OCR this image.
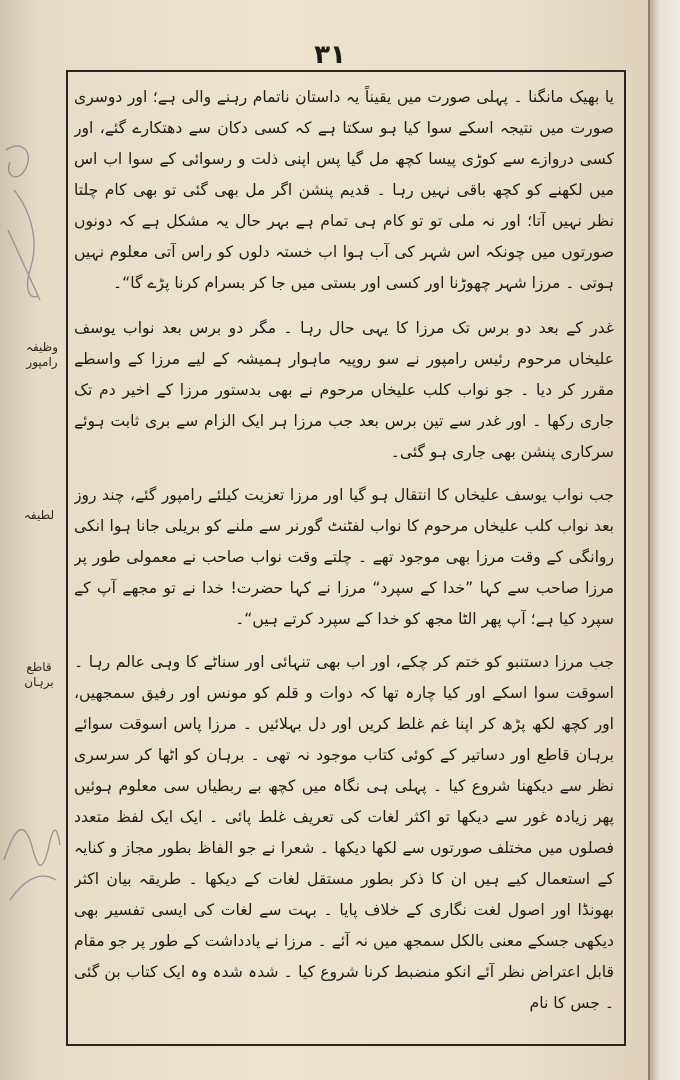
۳۱

یا بھیک مانگنا ۔ پہلی صورت میں یقیناً یہ داستان ناتمام رہنے والی ہے؛ اور دوسری صورت میں نتیجہ اسکے سوا کیا ہو سکتا ہے کہ کسی دکان سے دھتکارے گئے، اور کسی دروازے سے کوڑی پیسا کچھ مل گیا پس اپنی ذلت و رسوائی کے سوا اب اس میں لکھنے کو کچھ باقی نہیں رہا ۔ قدیم پنشن اگر مل بھی گئی تو بھی کام چلتا نظر نہیں آتا؛ اور نہ ملی تو تو کام ہی تمام ہے بہر حال یہ مشکل ہے کہ دونوں صورتوں میں چونکہ اس شہر کی آب ہوا اب خستہ دلوں کو راس آتی معلوم نہیں ہوتی ۔ مرزا شہر چھوڑنا اور کسی اور بستی میں جا کر بسرام کرنا پڑے گا“۔

غدر کے بعد دو برس تک مرزا کا یہی حال رہا ۔ مگر دو برس بعد نواب یوسف علیخاں مرحوم رئیس رامپور نے سو روپیہ ماہوار ہمیشہ کے لیے مرزا کے واسطے مقرر کر دیا ۔ جو نواب کلب علیخاں مرحوم نے بھی بدستور مرزا کے اخیر دم تک جاری رکھا ۔ اور غدر سے تین برس بعد جب مرزا ہر ایک الزام سے بری ثابت ہوئے سرکاری پنشن بھی جاری ہو گئی۔

جب نواب یوسف علیخاں کا انتقال ہو گیا اور مرزا تعزیت کیلئے رامپور گئے، چند روز بعد نواب کلب علیخاں مرحوم کا نواب لفٹنٹ گورنر سے ملنے کو بریلی جانا ہوا انکی روانگی کے وقت مرزا بھی موجود تھے ۔ چلتے وقت نواب صاحب نے معمولی طور پر مرزا صاحب سے کہا ”خدا کے سپرد“ مرزا نے کہا حضرت! خدا نے تو مجھے آپ کے سپرد کیا ہے؛ آپ پھر الٹا مجھ کو خدا کے سپرد کرتے ہیں“۔

جب مرزا دستنبو کو ختم کر چکے، اور اب بھی تنہائی اور سناٹے کا وہی عالم رہا ۔ اسوقت سوا اسکے اور کیا چارہ تھا کہ دوات و قلم کو مونس اور رفیق سمجھیں، اور کچھ لکھ پڑھ کر اپنا غم غلط کریں اور دل بہلائیں ۔ مرزا پاس اسوقت سوائے برہان قاطع اور دساتیر کے کوئی کتاب موجود نہ تھی ۔ برہان کو اٹھا کر سرسری نظر سے دیکھنا شروع کیا ۔ پہلی ہی نگاہ میں کچھ بے ربطیاں سی معلوم ہوئیں پھر زیادہ غور سے دیکھا تو اکثر لغات کی تعریف غلط پائی ۔ ایک ایک لفظ متعدد فصلوں میں مختلف صورتوں سے لکھا دیکھا ۔ شعرا نے جو الفاظ بطور مجاز و کنایہ کے استعمال کیے ہیں ان کا ذکر بطور مستقل لغات کے دیکھا ۔ طریقہ بیان اکثر بھونڈا اور اصول لغت نگاری کے خلاف پایا ۔ بہت سے لغات کی ایسی تفسیر بھی دیکھی جسکے معنی بالکل سمجھ میں نہ آئے ۔ مرزا نے یادداشت کے طور پر جو مقام قابل اعتراض نظر آئے انکو منضبط کرنا شروع کیا ۔ شدہ شدہ وہ ایک کتاب بن گئی ۔ جس کا نام

وظیفہ رامپور
لطیفہ
قاطع برہان
